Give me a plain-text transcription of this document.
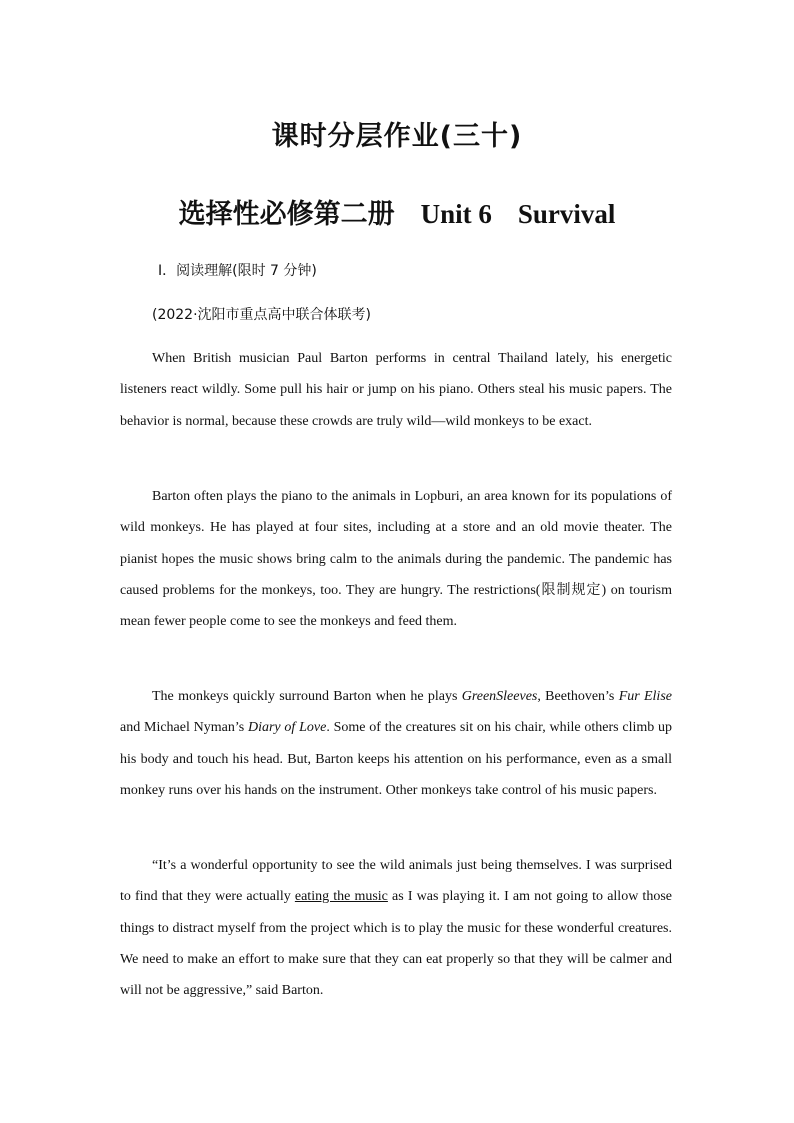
课时分层作业(三十)
选择性必修第二册 Unit 6 Survival
Ⅰ．阅读理解(限时 7 分钟)
(2022·沈阳市重点高中联合体联考)

When British musician Paul Barton performs in central Thailand lately, his energetic listeners react wildly. Some pull his hair or jump on his piano. Others steal his music papers. The behavior is normal, because these crowds are truly wild—wild monkeys to be exact.

Barton often plays the piano to the animals in Lopburi, an area known for its populations of wild monkeys. He has played at four sites, including at a store and an old movie theater. The pianist hopes the music shows bring calm to the animals during the pandemic. The pandemic has caused problems for the monkeys, too. They are hungry. The restrictions(限制规定) on tourism mean fewer people come to see the monkeys and feed them.

The monkeys quickly surround Barton when he plays GreenSleeves, Beethoven’s Fur Elise and Michael Nyman’s Diary of Love. Some of the creatures sit on his chair, while others climb up his body and touch his head. But, Barton keeps his attention on his performance, even as a small monkey runs over his hands on the instrument. Other monkeys take control of his music papers.

“It’s a wonderful opportunity to see the wild animals just being themselves. I was surprised to find that they were actually eating the music as I was playing it. I am not going to allow those things to distract myself from the project which is to play the music for these wonderful creatures. We need to make an effort to make sure that they can eat properly so that they will be calmer and will not be aggressive,” said Barton.
